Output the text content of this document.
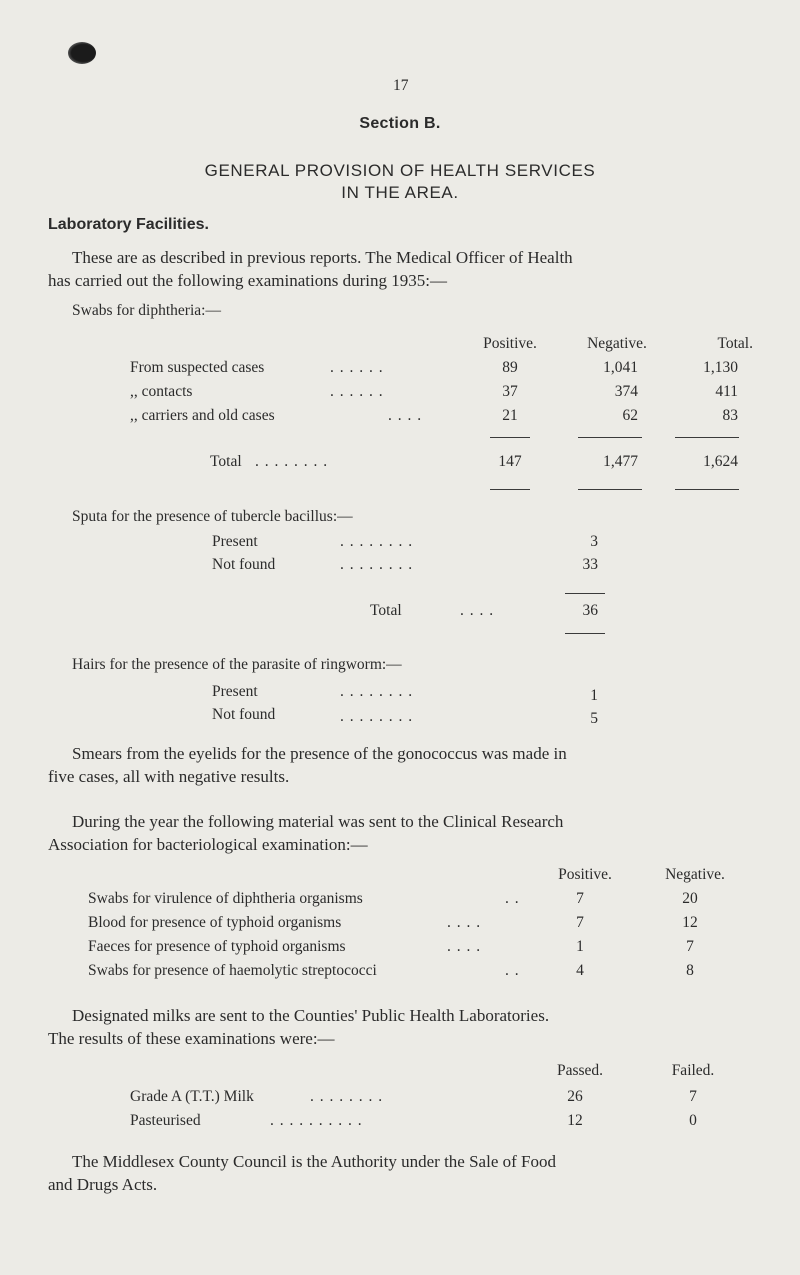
17
Section B.
GENERAL PROVISION OF HEALTH SERVICES
IN THE AREA.
Laboratory Facilities.
These are as described in previous reports. The Medical Officer of Health
has carried out the following examinations during 1935:—
Swabs for diphtheria:—
Positive.	Negative.	Total.
From suspected cases	. . . . . .	89	1,041	1,130
,, contacts	. . . . . .	37	374	411
,, carriers and old cases	. . . .	21	62	83
Total . . . . . . . .	147	1,477	1,624
Sputa for the presence of tubercle bacillus:—
Present	. . . . . . . .	3
Not found	. . . . . . . .	33
Total	. . . .	36
Hairs for the presence of the parasite of ringworm:—
Present	. . . . . . . .	1
Not found	. . . . . . . .	5
Smears from the eyelids for the presence of the gonococcus was made in
five cases, all with negative results.
During the year the following material was sent to the Clinical Research
Association for bacteriological examination:—
Positive.	Negative.
Swabs for virulence of diphtheria organisms	. .	7	20
Blood for presence of typhoid organisms	. . . .	7	12
Faeces for presence of typhoid organisms	. . . .	1	7
Swabs for presence of haemolytic streptococci	. .	4	8
Designated milks are sent to the Counties' Public Health Laboratories.
The results of these examinations were:—
Passed.	Failed.
Grade A (T.T.) Milk	. . . . . . . .	26	7
Pasteurised	. . . . . . . . . .	12	0
The Middlesex County Council is the Authority under the Sale of Food
and Drugs Acts.
